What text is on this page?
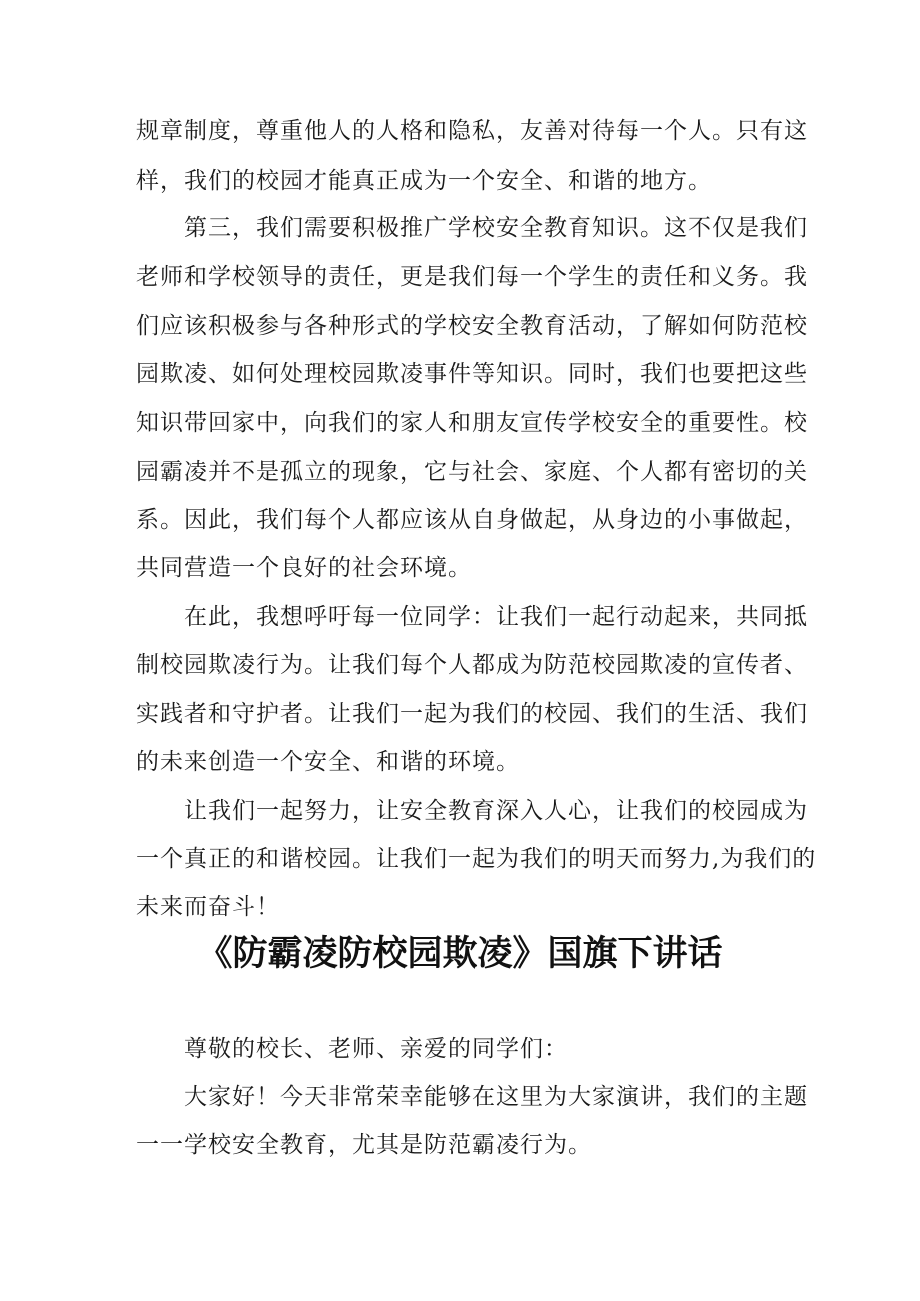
规章制度，尊重他人的人格和隐私，友善对待每一个人。只有这
样，我们的校园才能真正成为一个安全、和谐的地方。
第三，我们需要积极推广学校安全教育知识。这不仅是我们
老师和学校领导的责任，更是我们每一个学生的责任和义务。我
们应该积极参与各种形式的学校安全教育活动，了解如何防范校
园欺凌、如何处理校园欺凌事件等知识。同时，我们也要把这些
知识带回家中，向我们的家人和朋友宣传学校安全的重要性。校
园霸凌并不是孤立的现象，它与社会、家庭、个人都有密切的关
系。因此，我们每个人都应该从自身做起，从身边的小事做起，
共同营造一个良好的社会环境。
在此，我想呼吁每一位同学：让我们一起行动起来，共同抵
制校园欺凌行为。让我们每个人都成为防范校园欺凌的宣传者、
实践者和守护者。让我们一起为我们的校园、我们的生活、我们
的未来创造一个安全、和谐的环境。
让我们一起努力，让安全教育深入人心，让我们的校园成为
一个真正的和谐校园。让我们一起为我们的明天而努力,为我们的
未来而奋斗！
《防霸凌防校园欺凌》国旗下讲话
尊敬的校长、老师、亲爱的同学们：
大家好！今天非常荣幸能够在这里为大家演讲，我们的主题
一一学校安全教育，尤其是防范霸凌行为。
